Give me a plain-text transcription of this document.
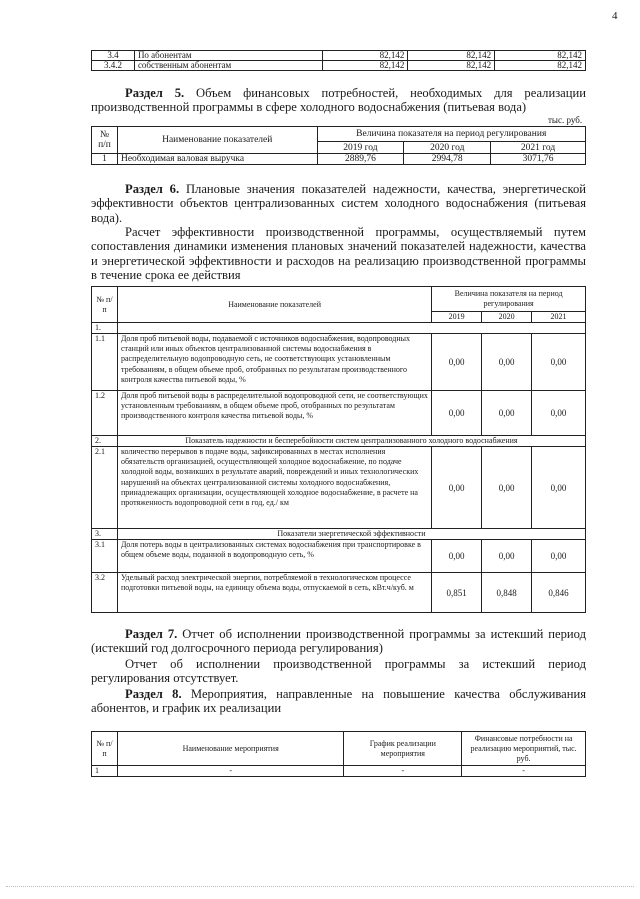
4
3.4	По абонентам	82,142	82,142	82,142
3.4.2	собственным абонентам	82,142	82,142	82,142

Раздел 5. Объем финансовых потребностей, необходимых для реализации производственной программы в сфере холодного водоснабжения (питьевая вода)

тыс. руб.
№ п/п	Наименование показателей	Величина показателя на период регулирования		
		2019 год	2020 год	2021 год
1	Необходимая валовая выручка	2889,76	2994,78	3071,76

Раздел 6. Плановые значения показателей надежности, качества, энергетической эффективности объектов централизованных систем холодного водоснабжения (питьевая вода).

Расчет эффективности производственной программы, осуществляемый путем сопоставления динамики изменения плановых значений показателей надежности, качества и энергетической эффективности и расходов на реализацию производственной программы в течение срока ее действия

№ п/п	Наименование показателей	Величина показателя на период регулирования		
		2019	2020	2021
1.				
1.1	Доля проб питьевой воды, подаваемой с источников водоснабжения, водопроводных станций или иных объектов централизованной системы водоснабжения в распределительную водопроводную сеть, не соответствующих установленным требованиям, в общем объеме проб, отобранных по результатам производственного контроля качества питьевой воды, %	0,00	0,00	0,00
1.2	Доля проб питьевой воды в распределительной водопроводной сети, не соответствующих установленным требованиям, в общем объеме проб, отобранных по результатам производственного контроля качества питьевой воды, %	0,00	0,00	0,00
2.	Показатель надежности и бесперебойности систем централизованного холодного водоснабжения			
2.1	количество перерывов в подаче воды, зафиксированных в местах исполнения обязательств организацией, осуществляющей холодное водоснабжение, по подаче холодной воды, возникших в результате аварий, повреждений и иных технологических нарушений на объектах централизованной системы холодного водоснабжения, принадлежащих организации, осуществляющей холодное водоснабжение, в расчете на протяженность водопроводной сети в год, ед./ км	0,00	0,00	0,00
3.	Показатели энергетической эффективности			
3.1	Доля потерь воды в централизованных системах водоснабжения при транспортировке в общем объеме воды, поданной в водопроводную сеть, %	0,00	0,00	0,00
3.2	Удельный расход электрической энергии, потребляемой в технологическом процессе подготовки питьевой воды, на единицу объема воды, отпускаемой в сеть, кВт.ч/куб. м	0,851	0,848	0,846

Раздел 7. Отчет об исполнении производственной программы за истекший период (истекший год долгосрочного периода регулирования)

Отчет об исполнении производственной программы за истекший период регулирования отсутствует.

Раздел 8. Мероприятия, направленные на повышение качества обслуживания абонентов, и график их реализации

№ п/п	Наименование мероприятия	График реализации мероприятия	Финансовые потребности на реализацию мероприятий, тыс. руб.
1	-	-	-
